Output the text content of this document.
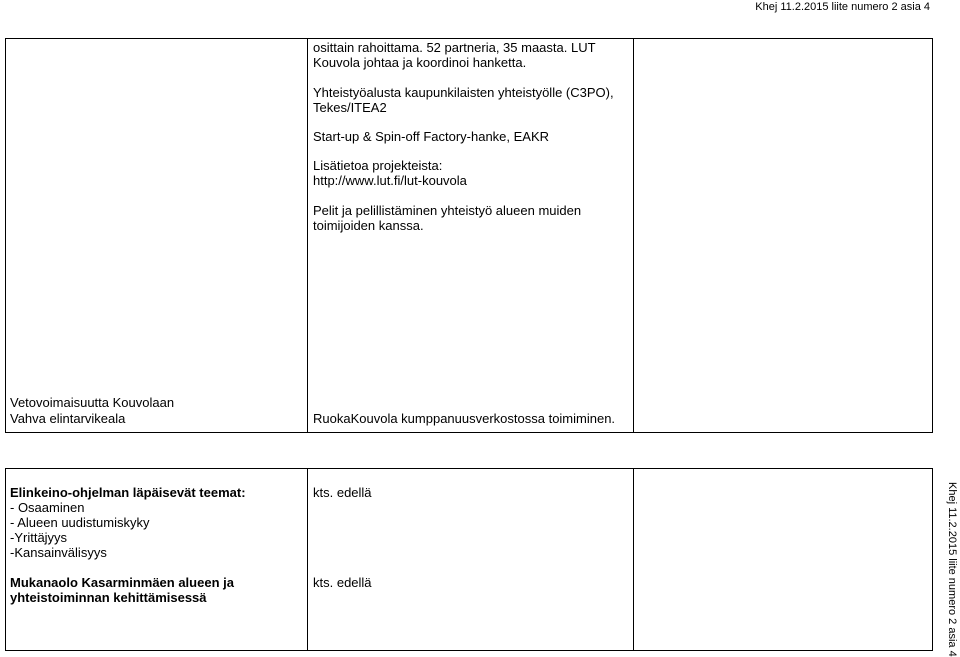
Khej 11.2.2015 liite numero 2 asia 4
Khej 11.2.2015 liite numero 2 asia 4
osittain rahoittama. 52 partneria, 35 maasta. LUT
Kouvola johtaa ja koordinoi hanketta.
Yhteistyöalusta kaupunkilaisten yhteistyölle (C3PO),
Tekes/ITEA2
Start-up & Spin-off Factory-hanke, EAKR
Lisätietoa projekteista:
http://www.lut.fi/lut-kouvola
Pelit ja pelillistäminen yhteistyö alueen muiden
toimijoiden kanssa.
Vetovoimaisuutta Kouvolaan
Vahva elintarvikeala	RuokaKouvola kumppanuusverkostossa toimiminen.
Elinkeino-ohjelman läpäisevät teemat:
- Osaaminen
- Alueen uudistumiskyky
-Yrittäjyys
-Kansainvälisyys
Mukanaolo Kasarminmäen alueen ja
yhteistoiminnan kehittämisessä
kts. edellä
kts. edellä
